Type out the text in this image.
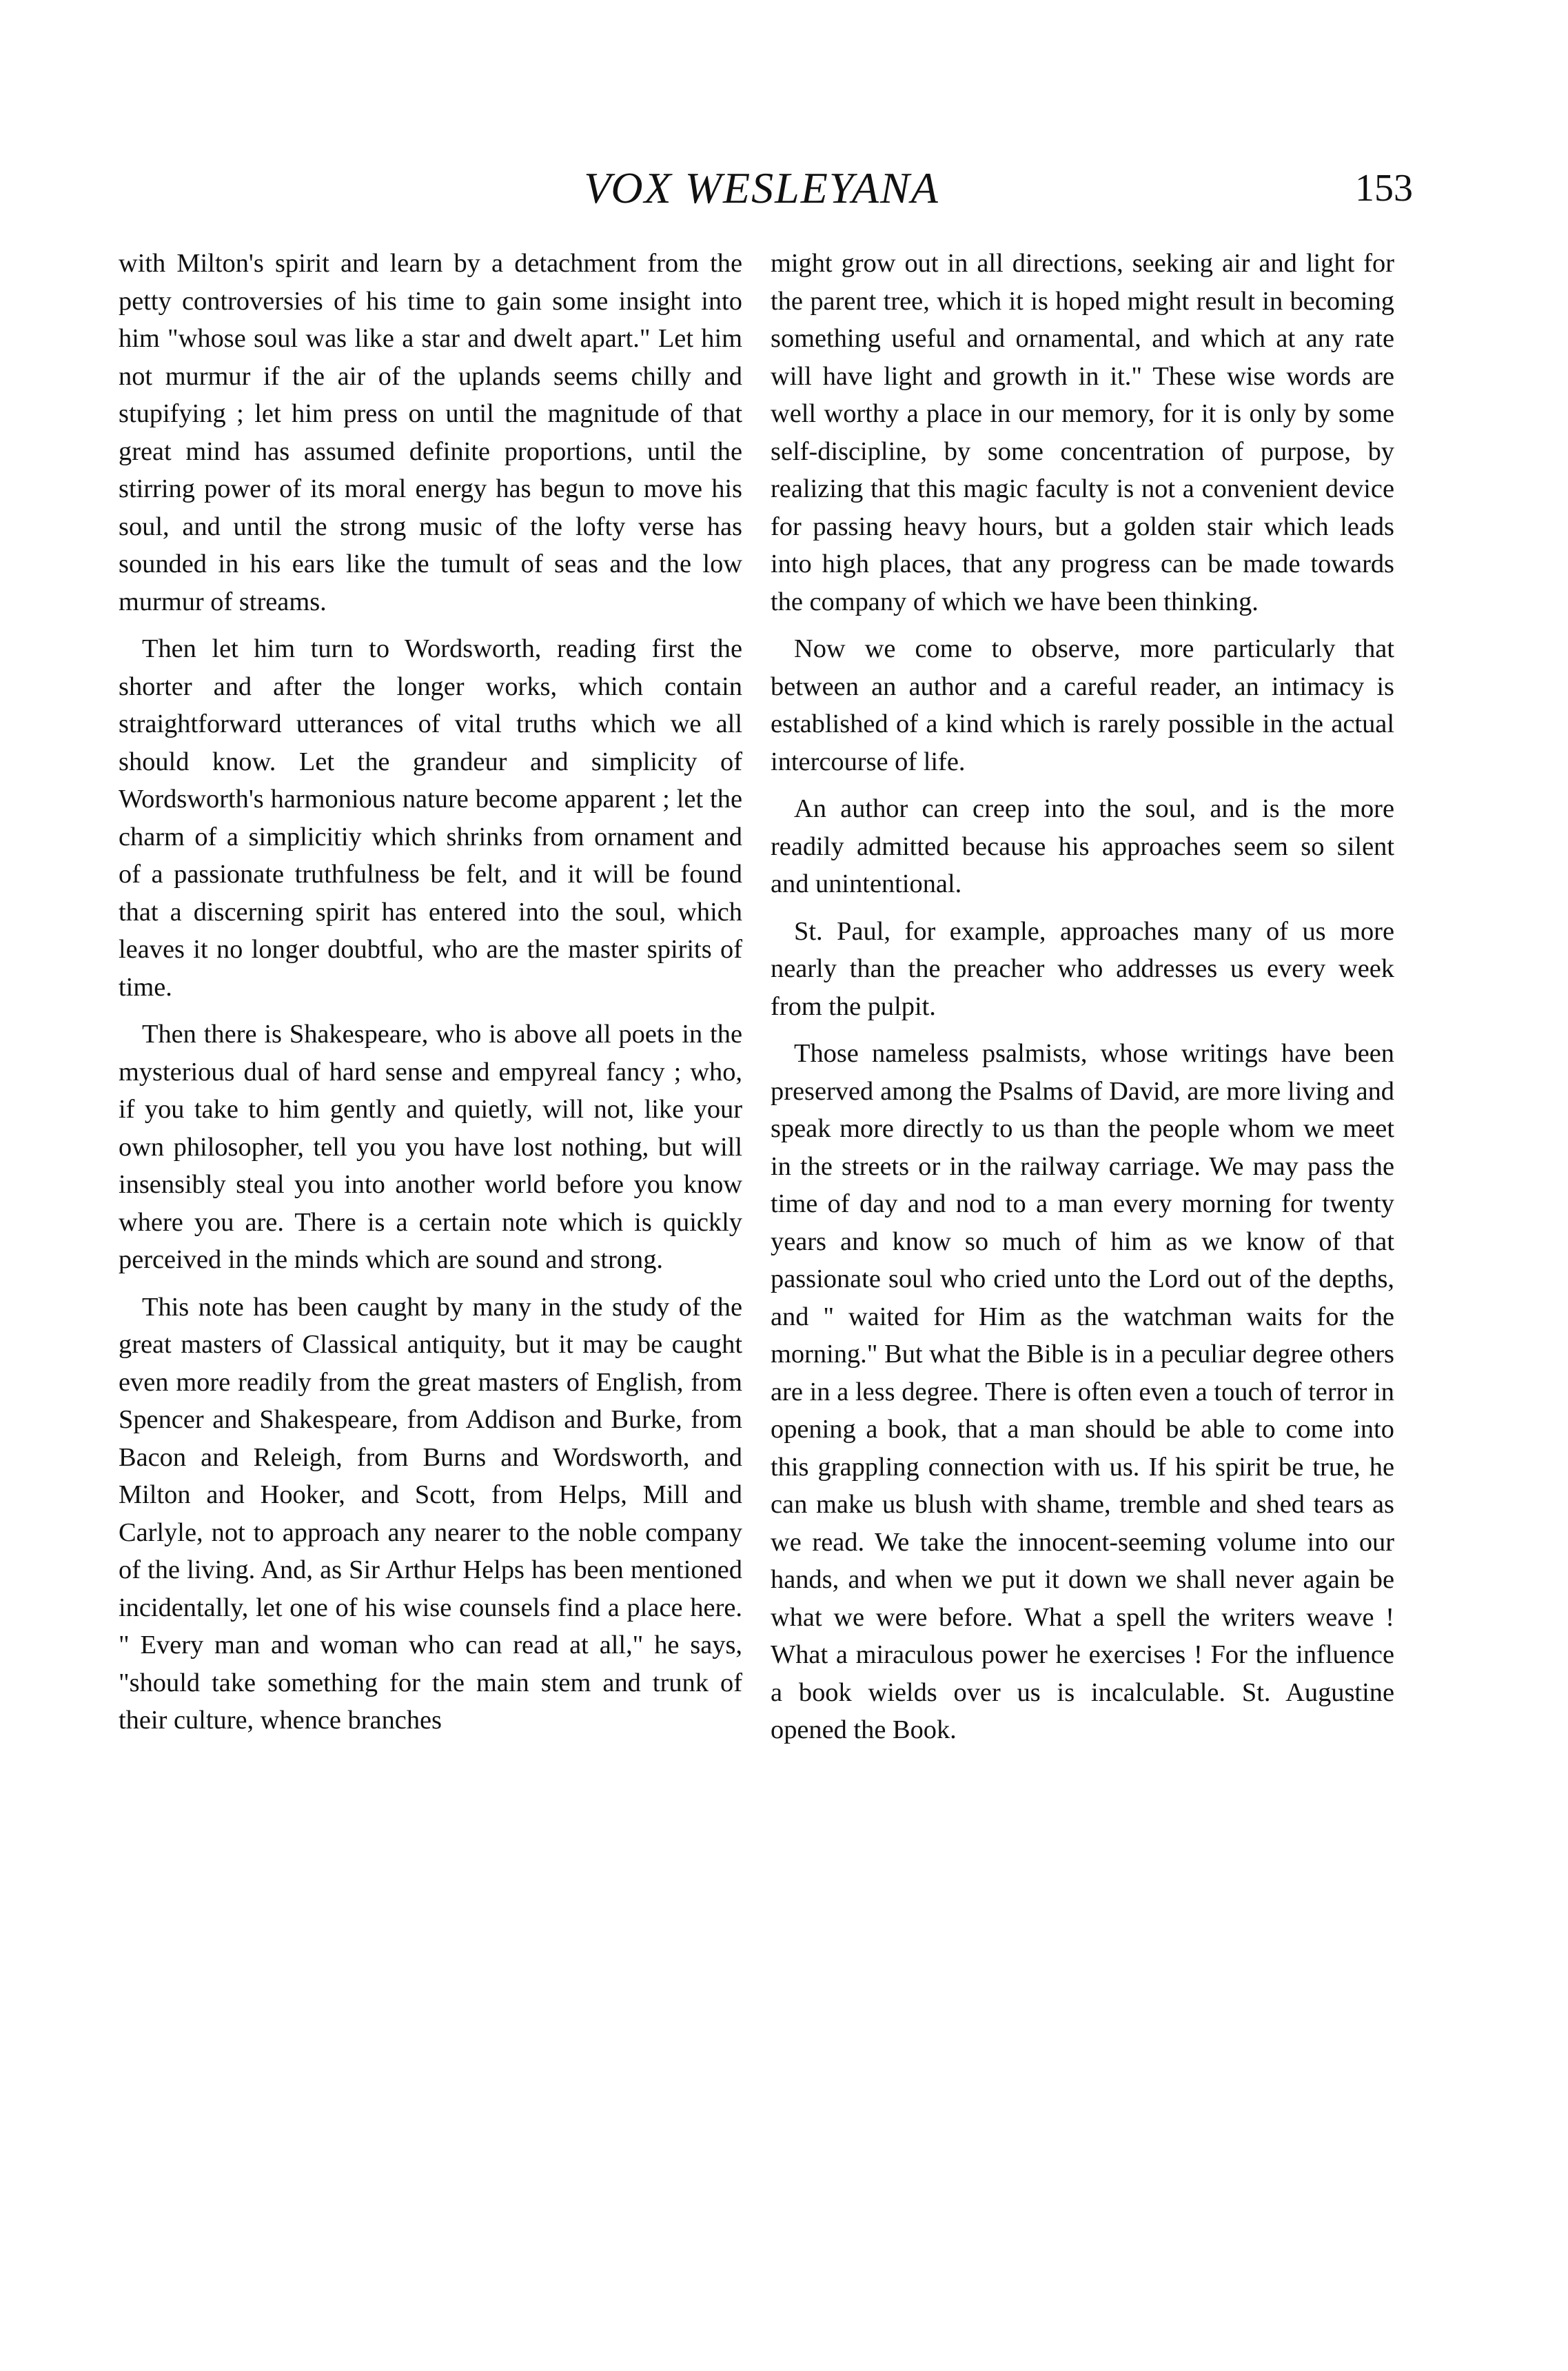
VOX WESLEYANA	153

with Milton's spirit and learn by a detachment from the petty controversies of his time to gain some insight into him "whose soul was like a star and dwelt apart." Let him not murmur if the air of the uplands seems chilly and stupifying ; let him press on until the magnitude of that great mind has assumed definite proportions, until the stirring power of its moral energy has begun to move his soul, and until the strong music of the lofty verse has sounded in his ears like the tumult of seas and the low murmur of streams.

Then let him turn to Wordsworth, reading first the shorter and after the longer works, which contain straightforward utterances of vital truths which we all should know. Let the grandeur and simplicity of Wordsworth's harmonious nature become apparent ; let the charm of a simplicitiy which shrinks from ornament and of a passionate truthfulness be felt, and it will be found that a discerning spirit has entered into the soul, which leaves it no longer doubtful, who are the master spirits of time.

Then there is Shakespeare, who is above all poets in the mysterious dual of hard sense and empyreal fancy ; who, if you take to him gently and quietly, will not, like your own philosopher, tell you you have lost nothing, but will insensibly steal you into another world before you know where you are. There is a certain note which is quickly perceived in the minds which are sound and strong.

This note has been caught by many in the study of the great masters of Classical antiquity, but it may be caught even more readily from the great masters of English, from Spencer and Shakespeare, from Addison and Burke, from Bacon and Releigh, from Burns and Wordsworth, and Milton and Hooker, and Scott, from Helps, Mill and Carlyle, not to approach any nearer to the noble company of the living. And, as Sir Arthur Helps has been mentioned incidentally, let one of his wise counsels find a place here. " Every man and woman who can read at all," he says, "should take something for the main stem and trunk of their culture, whence branches

might grow out in all directions, seeking air and light for the parent tree, which it is hoped might result in becoming something useful and ornamental, and which at any rate will have light and growth in it." These wise words are well worthy a place in our memory, for it is only by some self-discipline, by some concentration of purpose, by realizing that this magic faculty is not a convenient device for passing heavy hours, but a golden stair which leads into high places, that any progress can be made towards the company of which we have been thinking.

Now we come to observe, more particularly that between an author and a careful reader, an intimacy is established of a kind which is rarely possible in the actual intercourse of life.

An author can creep into the soul, and is the more readily admitted because his approaches seem so silent and unintentional.

St. Paul, for example, approaches many of us more nearly than the preacher who addresses us every week from the pulpit.

Those nameless psalmists, whose writings have been preserved among the Psalms of David, are more living and speak more directly to us than the people whom we meet in the streets or in the railway carriage. We may pass the time of day and nod to a man every morning for twenty years and know so much of him as we know of that passionate soul who cried unto the Lord out of the depths, and " waited for Him as the watchman waits for the morning." But what the Bible is in a peculiar degree others are in a less degree. There is often even a touch of terror in opening a book, that a man should be able to come into this grappling connection with us. If his spirit be true, he can make us blush with shame, tremble and shed tears as we read. We take the innocent-seeming volume into our hands, and when we put it down we shall never again be what we were before. What a spell the writers weave ! What a miraculous power he exercises ! For the influence a book wields over us is incalculable. St. Augustine opened the Book.
